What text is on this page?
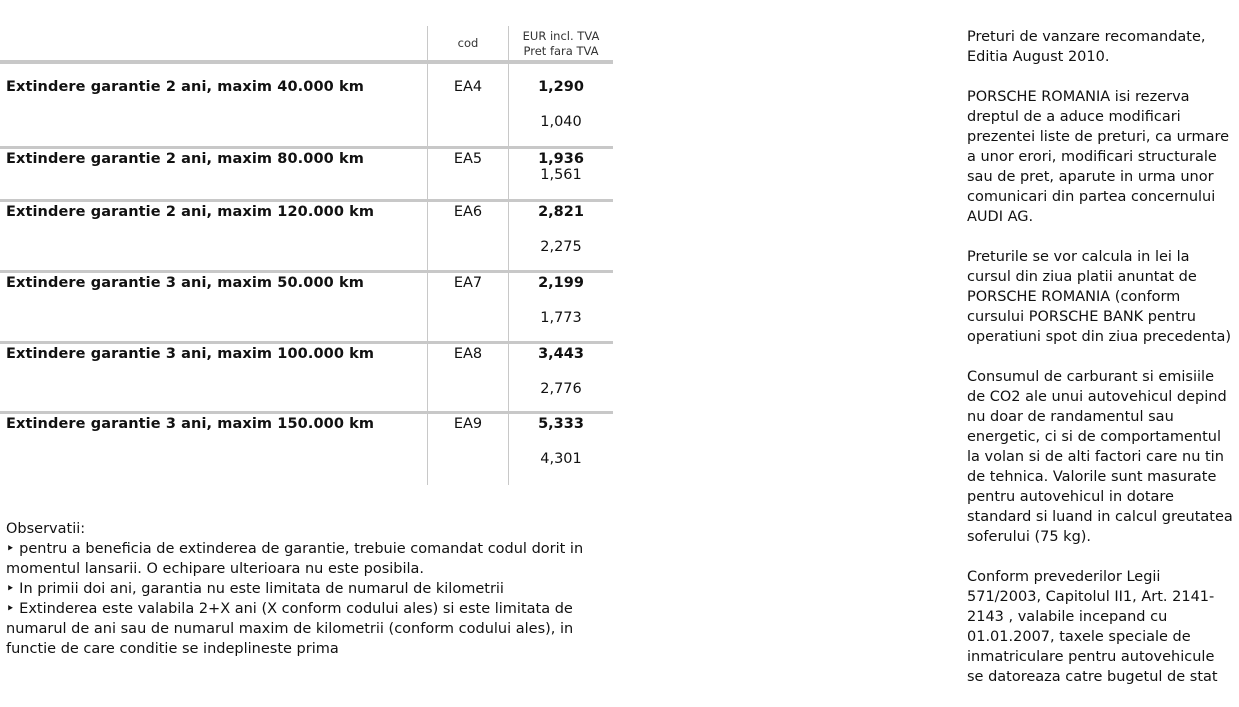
cod	EUR incl. TVA
Pret fara TVA
Extindere garantie 2 ani, maxim 40.000 km	EA4	1,290
1,040
Extindere garantie 2 ani, maxim 80.000 km	EA5	1,936
1,561
Extindere garantie 2 ani, maxim 120.000 km	EA6	2,821
2,275
Extindere garantie 3 ani, maxim 50.000 km	EA7	2,199
1,773
Extindere garantie 3 ani, maxim 100.000 km	EA8	3,443
2,776
Extindere garantie 3 ani, maxim 150.000 km	EA9	5,333
4,301

Observatii:

‣ pentru a beneficia de extinderea de garantie, trebuie comandat codul dorit in momentul lansarii. O echipare ulterioara nu este posibila.

‣ In primii doi ani, garantia nu este limitata de numarul de kilometrii

‣ Extinderea este valabila 2+X ani (X conform codului ales) si este limitata de numarul de ani sau de numarul maxim de kilometrii (conform codului ales), in functie de care conditie se indeplineste prima

Preturi de vanzare recomandate, Editia August 2010.

PORSCHE ROMANIA isi rezerva dreptul de a aduce modificari prezentei liste de preturi, ca urmare a unor erori, modificari structurale sau de pret, aparute in urma unor comunicari din partea concernului AUDI AG.

Preturile se vor calcula in lei la cursul din ziua platii anuntat de PORSCHE ROMANIA (conform cursului PORSCHE BANK pentru operatiuni spot din ziua precedenta)

Consumul de carburant si emisiile de CO2 ale unui autovehicul depind nu doar de randamentul sau energetic, ci si de comportamentul la volan si de alti factori care nu tin de tehnica. Valorile sunt masurate pentru autovehicul in dotare standard si luand in calcul greutatea soferului (75 kg).

Conform prevederilor Legii 571/2003, Capitolul II1, Art. 2141-2143 , valabile incepand cu 01.01.2007, taxele speciale de inmatriculare pentru autovehicule se datoreaza catre bugetul de stat
